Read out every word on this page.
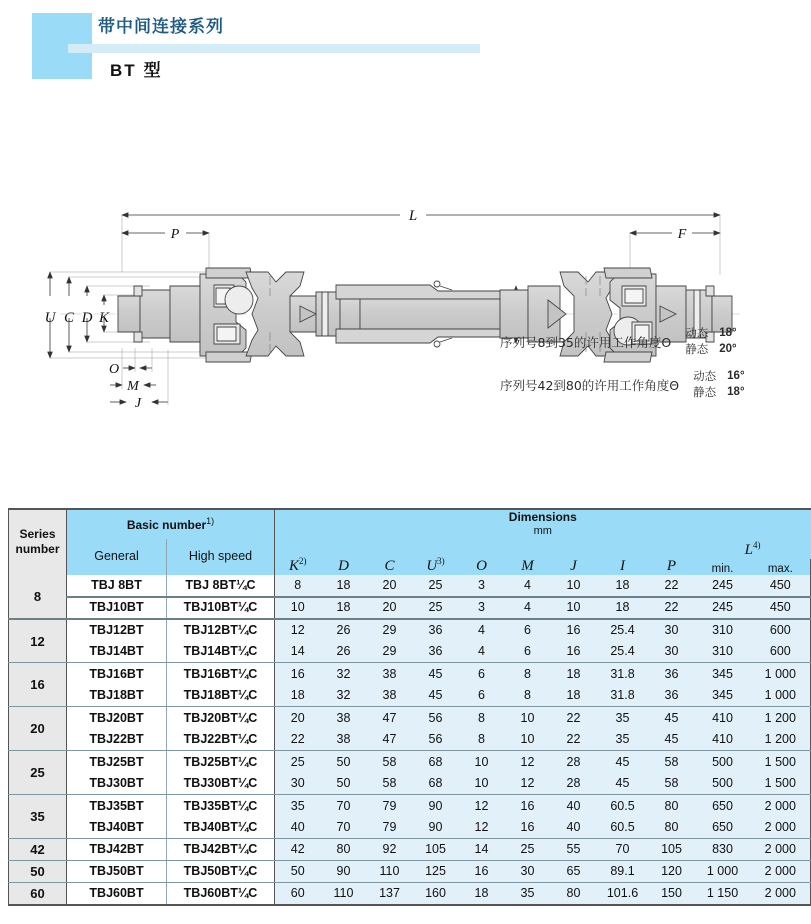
带中间连接系列
BT 型
L
P	F
U C D K
O
M
J
序列号8到35的许用工作角度Θ
动态 18°
静态 20°
序列号42到80的许用工作角度Θ
动态 16°
静态 18°
Series
number
	Basic number$^{1)}$	Dimensions
mm

	General	High speed	$K^{2)}$	D	C	$U^{3)}$	O	M	J	I	P	$L^{4)}$
												min.	max.
8	TBJ 8BT	TBJ 8BT¼C	8	18	20	25	3	4	10	18	22	245	450
	TBJ10BT	TBJ10BT¼C	10	18	20	25	3	4	10	18	22	245	450
12	TBJ12BT	TBJ12BT¼C	12	26	29	36	4	6	16	25.4	30	310	600
	TBJ14BT	TBJ14BT¼C	14	26	29	36	4	6	16	25.4	30	310	600
16	TBJ16BT	TBJ16BT¼C	16	32	38	45	6	8	18	31.8	36	345	1 000
	TBJ18BT	TBJ18BT¼C	18	32	38	45	6	8	18	31.8	36	345	1 000
20	TBJ20BT	TBJ20BT¼C	20	38	47	56	8	10	22	35	45	410	1 200
	TBJ22BT	TBJ22BT¼C	22	38	47	56	8	10	22	35	45	410	1 200
25	TBJ25BT	TBJ25BT¼C	25	50	58	68	10	12	28	45	58	500	1 500
	TBJ30BT	TBJ30BT¼C	30	50	58	68	10	12	28	45	58	500	1 500
35	TBJ35BT	TBJ35BT¼C	35	70	79	90	12	16	40	60.5	80	650	2 000
	TBJ40BT	TBJ40BT¼C	40	70	79	90	12	16	40	60.5	80	650	2 000
42	TBJ42BT	TBJ42BT¼C	42	80	92	105	14	25	55	70	105	830	2 000
50	TBJ50BT	TBJ50BT¼C	50	90	110	125	16	30	65	89.1	120	1 000	2 000
60	TBJ60BT	TBJ60BT¼C	60	110	137	160	18	35	80	101.6	150	1 150	2 000
